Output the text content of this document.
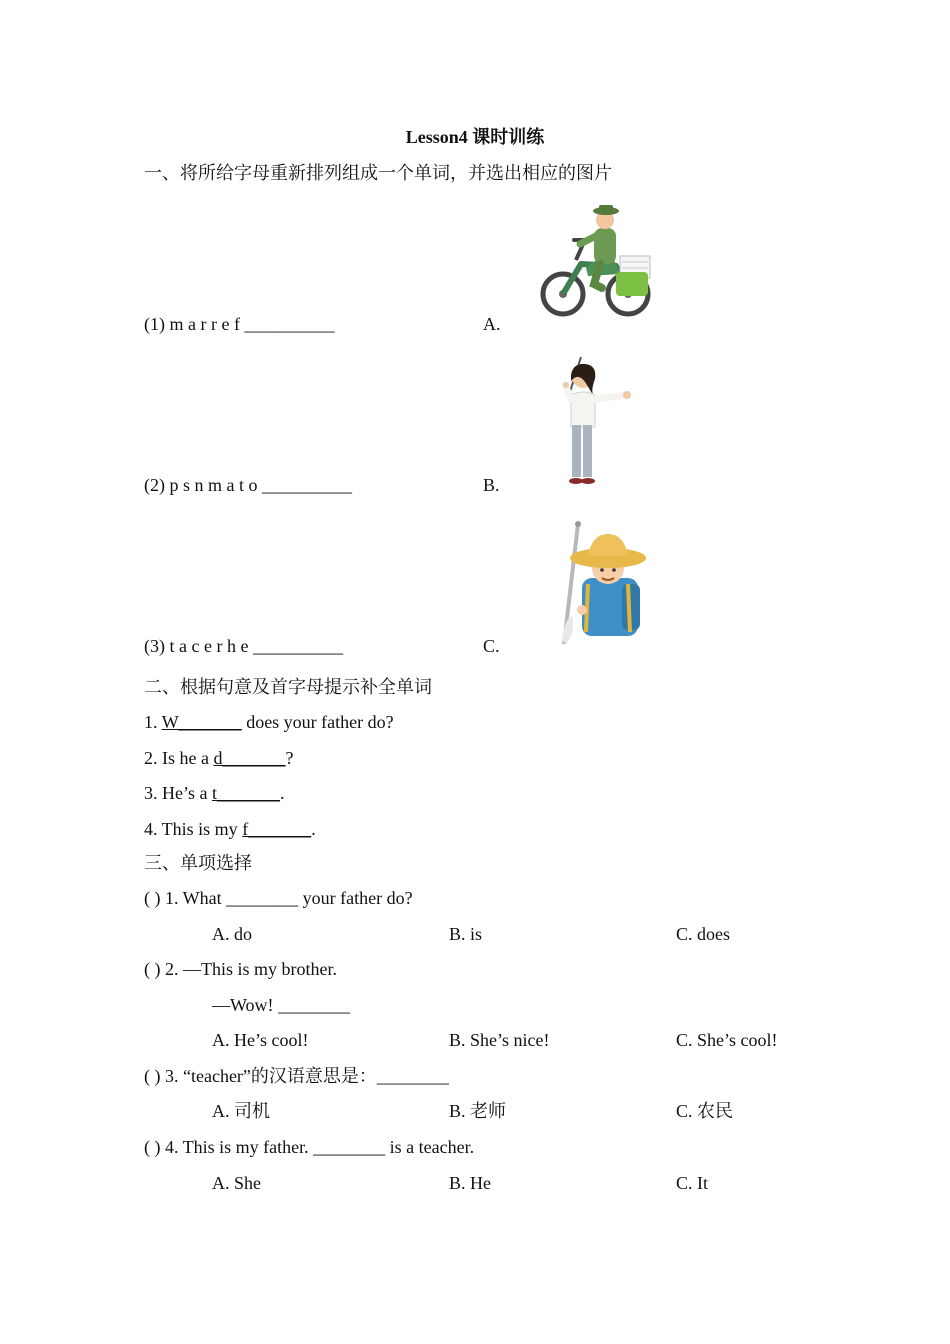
Lesson4 课时训练
一、将所给字母重新排列组成一个单词，并选出相应的图片
(1) m a r r e f __________	A.
(2) p s n m a t o __________	B.
(3) t a c e r h e __________	C.
二、根据句意及首字母提示补全单词
1. W_______ does your father do?
2. Is he a d_______?
3. He’s a t_______.
4. This is my f_______.
三、单项选择
( ) 1. What ________ your father do?
A. do	B. is	C. does
( ) 2. —This is my brother.
—Wow! ________
A. He’s cool!	B. She’s nice!	C. She’s cool!
( ) 3. “teacher”的汉语意思是：________
A. 司机	B. 老师	C. 农民
( ) 4. This is my father. ________ is a teacher.
A. She	B. He	C. It
